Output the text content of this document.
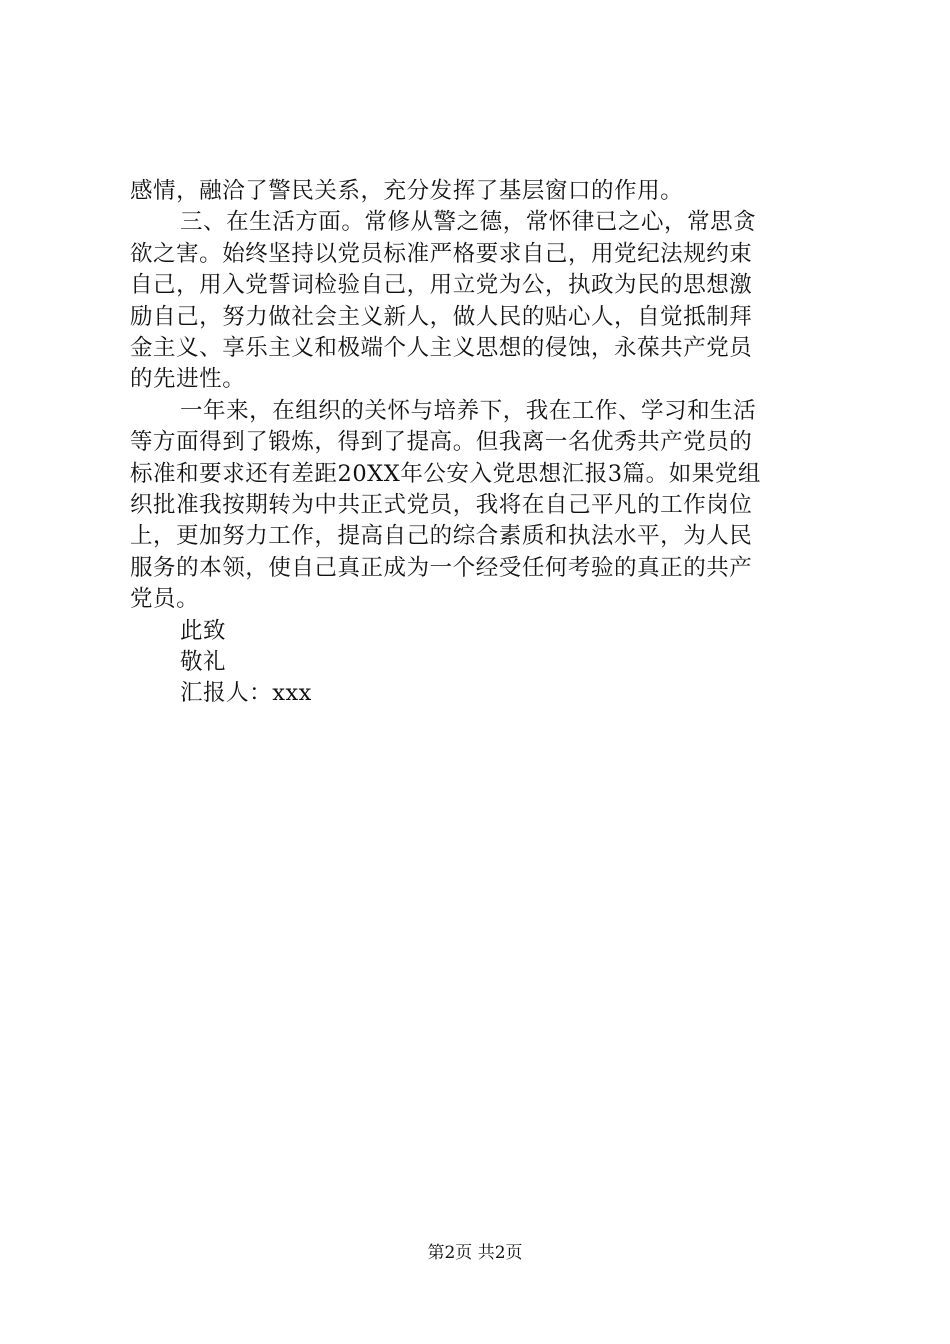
感情，融洽了警民关系，充分发挥了基层窗口的作用。
三、在生活方面。常修从警之德，常怀律已之心，常思贪
欲之害。始终坚持以党员标准严格要求自己，用党纪法规约束
自己，用入党誓词检验自己，用立党为公，执政为民的思想激
励自己，努力做社会主义新人，做人民的贴心人，自觉抵制拜
金主义、享乐主义和极端个人主义思想的侵蚀，永葆共产党员
的先进性。
一年来，在组织的关怀与培养下，我在工作、学习和生活
等方面得到了锻炼，得到了提高。但我离一名优秀共产党员的
标准和要求还有差距20XX年公安入党思想汇报3篇。如果党组
织批准我按期转为中共正式党员，我将在自己平凡的工作岗位
上，更加努力工作，提高自己的综合素质和执法水平，为人民
服务的本领，使自己真正成为一个经受任何考验的真正的共产
党员。
此致
敬礼
汇报人：xxx
第2页 共2页
